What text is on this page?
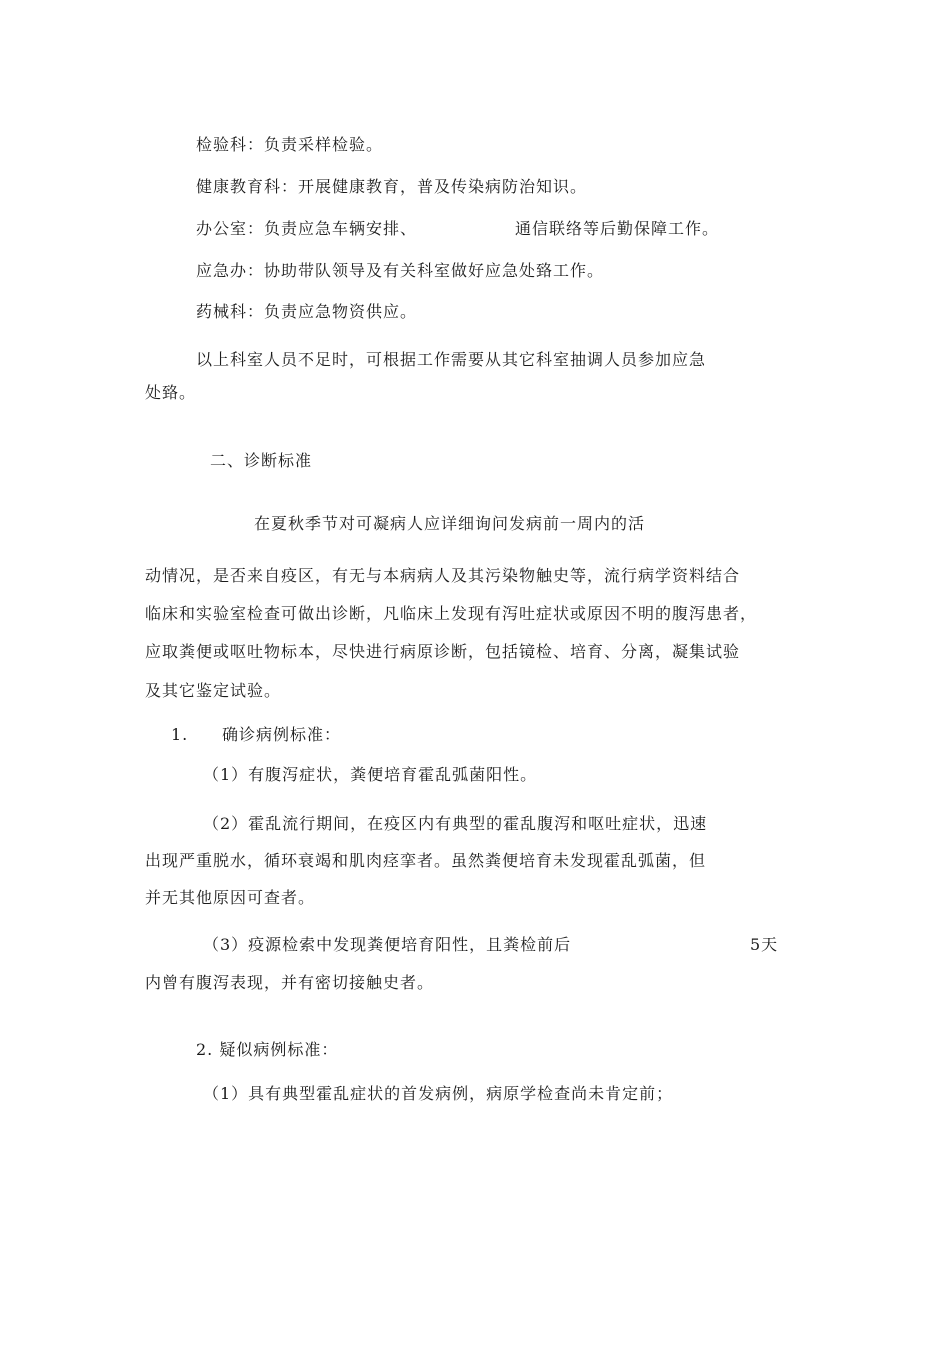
检验科：负责采样检验。
健康教育科：开展健康教育，普及传染病防治知识。
办公室：负责应急车辆安排、	通信联络等后勤保障工作。
应急办：协助带队领导及有关科室做好应急处臵工作。
药械科：负责应急物资供应。
以上科室人员不足时，可根据工作需要从其它科室抽调人员参加应急
处臵。
二、诊断标准
在夏秋季节对可凝病人应详细询问发病前一周内的活
动情况，是否来自疫区，有无与本病病人及其污染物触史等，流行病学资料结合
临床和实验室检查可做出诊断，凡临床上发现有泻吐症状或原因不明的腹泻患者，
应取粪便或呕吐物标本，尽快进行病原诊断，包括镜检、培育、分离，凝集试验
及其它鉴定试验。
1. 确诊病例标准：
（1）有腹泻症状，粪便培育霍乱弧菌阳性。
（2）霍乱流行期间，在疫区内有典型的霍乱腹泻和呕吐症状，迅速
出现严重脱水，循环衰竭和肌肉痉挛者。虽然粪便培育未发现霍乱弧菌，但
并无其他原因可查者。
（3）疫源检索中发现粪便培育阳性，且粪检前后	5天
内曾有腹泻表现，并有密切接触史者。
2. 疑似病例标准：
（1）具有典型霍乱症状的首发病例，病原学检查尚未肯定前；
